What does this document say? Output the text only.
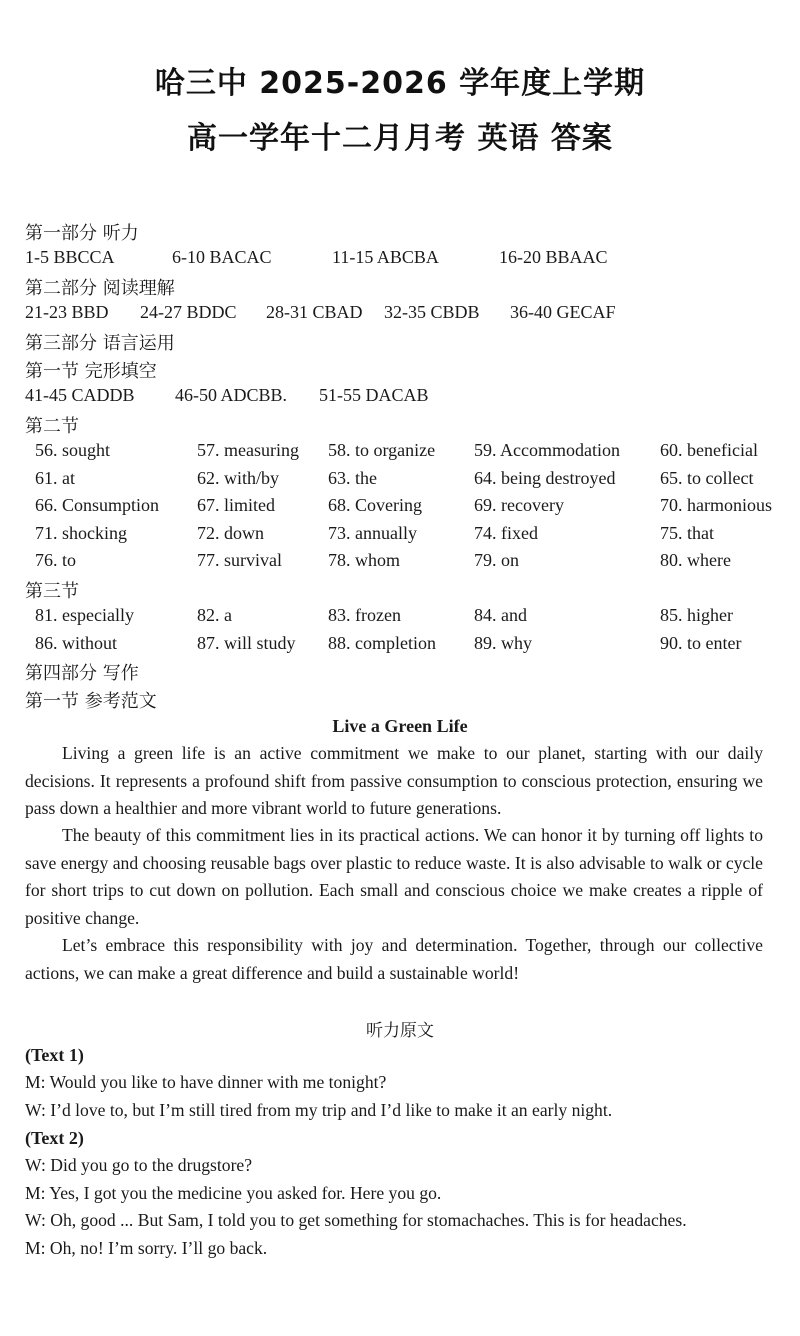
哈三中 2025-2026 学年度上学期
高一学年十二月月考 英语 答案
第一部分 听力
1-5 BBCCA	6-10 BACAC	11-15 ABCBA	16-20 BBAAC
第二部分 阅读理解
21-23 BBD 24-27 BDDC 28-31 CBAD 32-35 CBDB 36-40 GECAF
第三部分 语言运用
第一节 完形填空
41-45 CADDB 46-50 ADCBB. 51-55 DACAB
第二节
56. sought	57. measuring 58. to organize 59. Accommodation 60. beneficial
61. at	62. with/by	63. the	64. being destroyed 65. to collect
66. Consumption 67. limited	68. Covering	69. recovery	70. harmonious
71. shocking	72. down	73. annually	74. fixed	75. that
76. to	77. survival	78. whom	79. on	80. where
第三节
81. especially	82. a	83. frozen	84. and	85. higher
86. without	87. will study 88. completion 89. why	90. to enter
第四部分 写作
第一节 参考范文
Live a Green Life

Living a green life is an active commitment we make to our planet, starting with our daily decisions. It represents a profound shift from passive consumption to conscious protection, ensuring we pass down a healthier and more vibrant world to future generations.

The beauty of this commitment lies in its practical actions. We can honor it by turning off lights to save energy and choosing reusable bags over plastic to reduce waste. It is also advisable to walk or cycle for short trips to cut down on pollution. Each small and conscious choice we make creates a ripple of positive change.

Let’s embrace this responsibility with joy and determination. Together, through our collective actions, we can make a great difference and build a sustainable world!

听力原文
(Text 1)
M: Would you like to have dinner with me tonight?
W: I’d love to, but I’m still tired from my trip and I’d like to make it an early night.
(Text 2)
W: Did you go to the drugstore?
M: Yes, I got you the medicine you asked for. Here you go.
W: Oh, good ... But Sam, I told you to get something for stomachaches. This is for headaches.
M: Oh, no! I’m sorry. I’ll go back.
